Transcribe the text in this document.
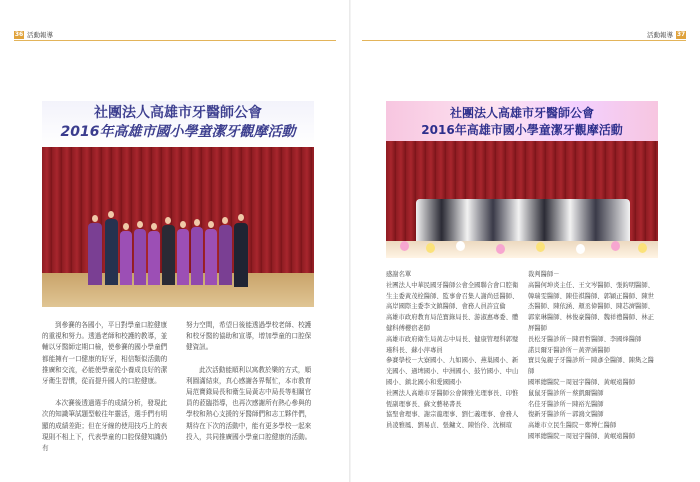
36 活動報導	活動報導 37
社團法人高雄市牙醫師公會
2016年高雄市國小學童潔牙觀摩活動
社團法人高雄市牙醫師公會
2016年高雄市國小學童潔牙觀摩活動

到參賽的各國小，平日對學童口腔健康的重視和努力。透過老師和校護的教導，並輔以牙醫師定期口檢，使參賽的國小學童們都能擁有一口健康的好牙，相信類似活動的推廣和交流，必能使學童從小養成良好的潔牙衛生習慣，從而提升國人的口腔健康。

本次賽後透過選手的成績分析，發現此次的知識筆試題型較往年靈活，選手們有明顯的成績差距；但在牙線的使用技巧上的表現則不相上下，代表學童的口腔保健知識仍有

努力空間，希望日後能透過學校老師、校護和校牙醫的協助和宣導，增加學童的口腔保健資訊。

此次活動能順利以寓教於樂的方式，順利圓滿結束，真心感謝各界幫忙，本市教育局范寶錄局長和衛生局黃志中局長等相關官員的蒞臨指導，也再次感謝所有熱心參與的學校和熱心支援的牙醫師們和志工夥伴們，期待在下次的活動中，能有更多學校一起來投入，共同推廣國小學童口腔健康的活動。

感謝名單

社團法人中華民國牙醫師公會全國聯合會口腔衛生主委黃茂栓醫師、監事會召集人謝尚廷醫師、高岸國際主委李文鎮醫師、會務人員許宜倫

高雄市政府教育局范寶錄局長、游淑惠專委、體健科傅櫻宿老師

高雄市政府衛生局黃志中局長、健康管理科郭璧瑾科長、蘇小萍專員

參賽學校－大寮國小、九如國小、燕巢國小、新光國小、過埤國小、中洲國小、鼓竹國小、中山國小、鎮北國小和愛國國小

社團法人高雄市牙醫師公會陳雅光理事長、印惟恆副理事長、蘇文藝秘書長

協聖會理事、謝宗龍理事、劉仁義理事、會務人員凌雅鳳、劉易貞、張鏞文、陳怡伶、沈桐瑄

裁判醫師－

高醫何坤炎主任、王文岑醫師、張鈞明醫師、韓瑞雯醫師、陳佳祺醫師、郭穎正醫師、陳世杰醫師、陳依涵、顏丞偉醫師、陳芯濟醫師、郭家琳醫師、林俊豪醫師、魏祥禮醫師、林正屏醫師

長松牙醫診所－陳君哲醫師、李國烽醫師

諾貝爾牙醫診所－黃羿涵醫師

寶貝兔親子牙醫診所－陳彥全醫師、陳雋之醫師

國軍總醫院－周冠宇醫師、黃岷遠醫師

鼠鼠牙醫診所－蔡凱爾醫師

名佳牙醫診所－陳裕光醫師

復新牙醫診所－郭鴻文醫師

高雄市立民生醫院－鄭博仁醫師

國軍總醫院－周冠宇醫師、黃岷遠醫師
